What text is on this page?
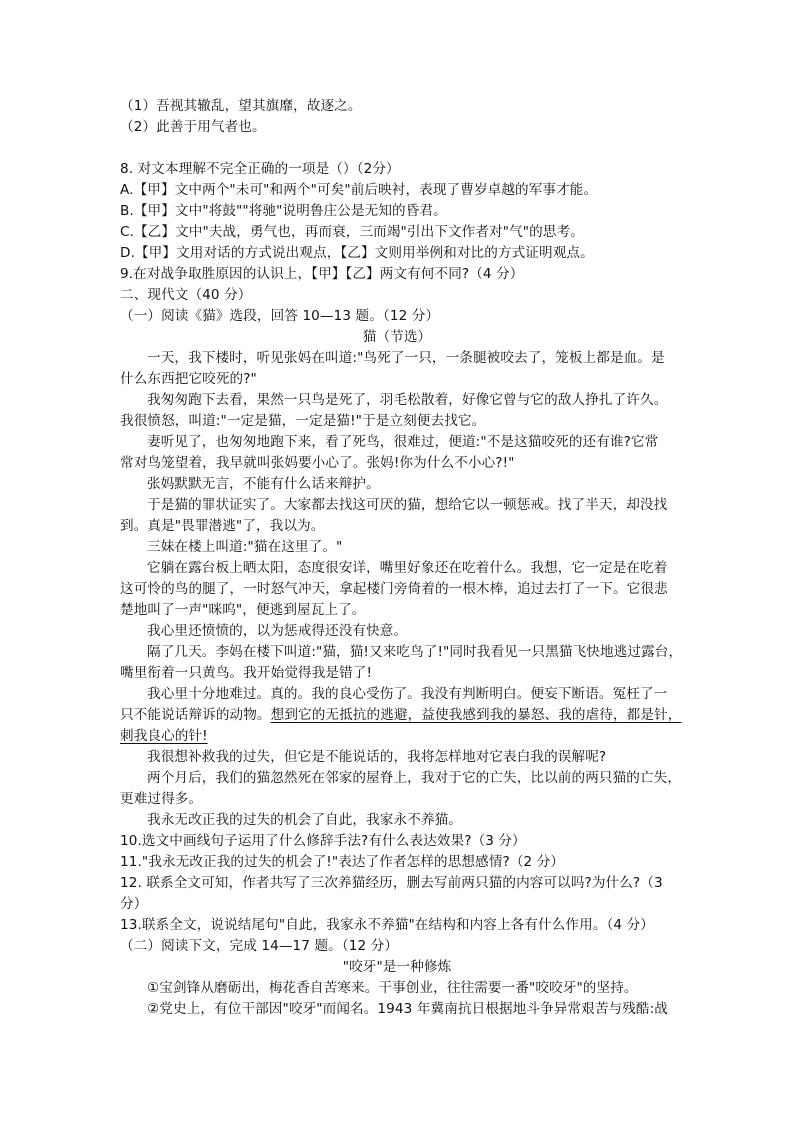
（1）吾视其辙乱，望其旗靡，故逐之。
（2）此善于用气者也。
8. 对文本理解不完全正确的一项是（）（2分）
A.【甲】文中两个"未可"和两个"可矣"前后映衬，表现了曹岁卓越的军事才能。
B.【甲】文中"将鼓""将驰"说明鲁庄公是无知的昏君。
C.【乙】文中"夫战，勇气也，再而衰，三而竭"引出下文作者对"气"的思考。
D.【甲】文用对话的方式说出观点，【乙】文则用举例和对比的方式证明观点。
9.在对战争取胜原因的认识上，【甲】【乙】两文有何不同?（4 分）
二、现代文（40 分）
（一）阅读《猫》选段，回答 10—13 题。（12 分）
猫（节选）
一天，我下楼时，听见张妈在叫道:"鸟死了一只，一条腿被咬去了，笼板上都是血。是
什么东西把它咬死的?"
我匆匆跑下去看，果然一只鸟是死了，羽毛松散着，好像它曾与它的敌人挣扎了许久。
我很愤怒，叫道:"一定是猫，一定是猫!"于是立刻便去找它。
妻听见了，也匆匆地跑下来，看了死鸟，很难过，便道:"不是这猫咬死的还有谁?它常
常对鸟笼望着，我早就叫张妈要小心了。张妈!你为什么不小心?!"
张妈默默无言，不能有什么话来辩护。
于是猫的罪状证实了。大家都去找这可厌的猫，想给它以一顿惩戒。找了半天，却没找
到。真是"畏罪潜逃"了，我以为。
三妹在楼上叫道:"猫在这里了。"
它躺在露台板上晒太阳，态度很安详，嘴里好象还在吃着什么。我想，它一定是在吃着
这可怜的鸟的腿了，一时怒气冲天，拿起楼门旁倚着的一根木棒，追过去打了一下。它很悲
楚地叫了一声"咪呜"，便逃到屋瓦上了。
我心里还愤愤的，以为惩戒得还没有快意。
隔了几天。李妈在楼下叫道:"猫，猫!又来吃鸟了!"同时我看见一只黑猫飞快地逃过露台，
嘴里衔着一只黄鸟。我开始觉得我是错了!
我心里十分地难过。真的。我的良心受伤了。我没有判断明白。便妄下断语。冤枉了一
只不能说话辩诉的动物。想到它的无抵抗的逃避，益使我感到我的暴怒、我的虐待，都是针，
刺我良心的针!
我很想补救我的过失，但它是不能说话的，我将怎样地对它表白我的误解呢?
两个月后，我们的猫忽然死在邻家的屋脊上，我对于它的亡失，比以前的两只猫的亡失，
更难过得多。
我永无改正我的过失的机会了自此，我家永不养猫。
10.选文中画线句子运用了什么修辞手法?有什么表达效果?（3 分）
11."我永无改正我的过失的机会了!"表达了作者怎样的思想感情?（2 分）
12. 联系全文可知，作者共写了三次养猫经历，删去写前两只猫的内容可以吗?为什么?（3
分）
13.联系全文，说说结尾句"自此，我家永不养猫"在结构和内容上各有什么作用。（4 分）
（二）阅读下文，完成 14—17 题。（12 分）
"咬牙"是一种修炼
①宝剑锋从磨砺出，梅花香自苦寒来。干事创业，往往需要一番"咬咬牙"的坚持。
②党史上，有位干部因"咬牙"而闻名。1943 年冀南抗日根据地斗争异常艰苦与残酷:战
